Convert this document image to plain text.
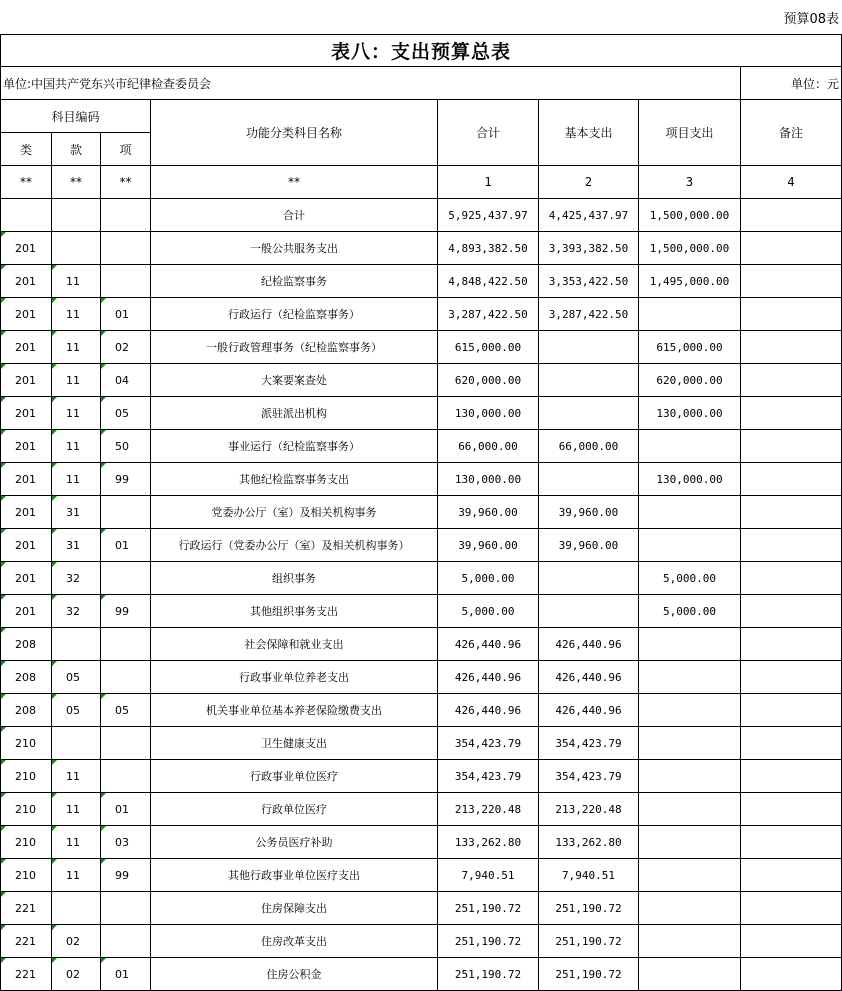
预算08表
表八：支出预算总表							
单位:中国共产党东兴市纪律检查委员会							单位：元
科目编码			功能分类科目名称	合计	基本支出	项目支出	备注
类	款	项					
**	**	**	**	1	2	3	4
			合计	5,925,437.97	4,425,437.97	1,500,000.00	
201			一般公共服务支出	4,893,382.50	3,393,382.50	1,500,000.00	
201	11		纪检监察事务	4,848,422.50	3,353,422.50	1,495,000.00	
201	11	01	行政运行（纪检监察事务）	3,287,422.50	3,287,422.50		
201	11	02	一般行政管理事务（纪检监察事务）	615,000.00		615,000.00	
201	11	04	大案要案查处	620,000.00		620,000.00	
201	11	05	派驻派出机构	130,000.00		130,000.00	
201	11	50	事业运行（纪检监察事务）	66,000.00	66,000.00		
201	11	99	其他纪检监察事务支出	130,000.00		130,000.00	
201	31		党委办公厅（室）及相关机构事务	39,960.00	39,960.00		
201	31	01	行政运行（党委办公厅（室）及相关机构事务）	39,960.00	39,960.00		
201	32		组织事务	5,000.00		5,000.00	
201	32	99	其他组织事务支出	5,000.00		5,000.00	
208			社会保障和就业支出	426,440.96	426,440.96		
208	05		行政事业单位养老支出	426,440.96	426,440.96		
208	05	05	机关事业单位基本养老保险缴费支出	426,440.96	426,440.96		
210			卫生健康支出	354,423.79	354,423.79		
210	11		行政事业单位医疗	354,423.79	354,423.79		
210	11	01	行政单位医疗	213,220.48	213,220.48		
210	11	03	公务员医疗补助	133,262.80	133,262.80		
210	11	99	其他行政事业单位医疗支出	7,940.51	7,940.51		
221			住房保障支出	251,190.72	251,190.72		
221	02		住房改革支出	251,190.72	251,190.72		
221	02	01	住房公积金	251,190.72	251,190.72		
